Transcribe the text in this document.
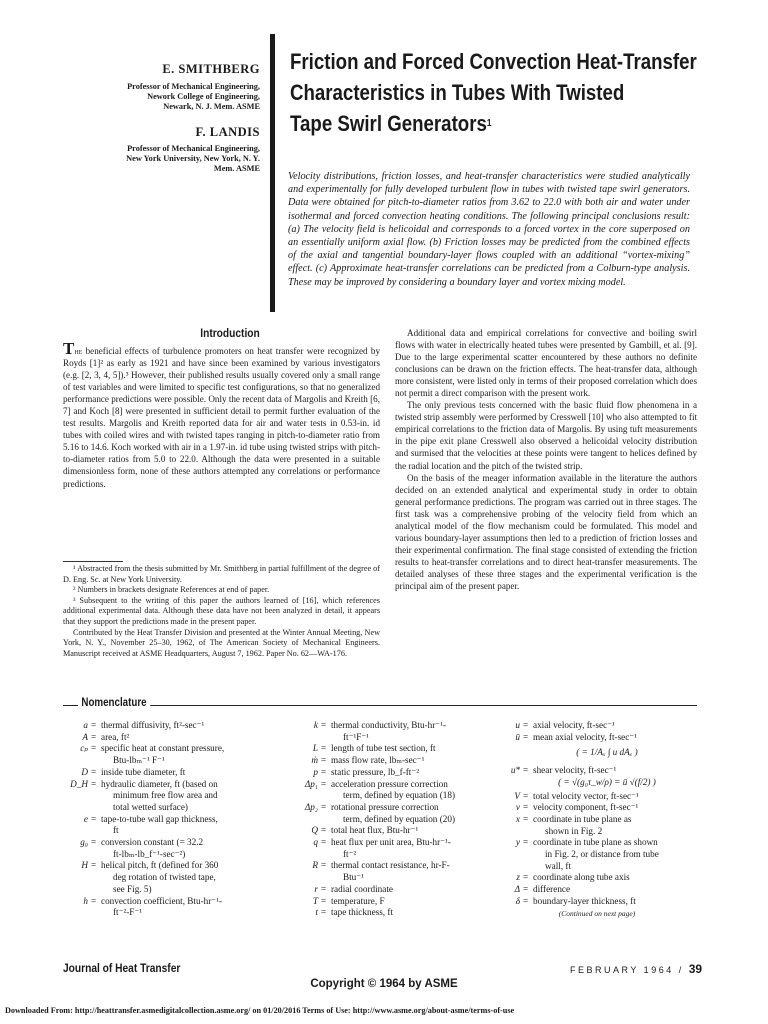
E. SMITHBERG
Professor of Mechanical Engineering,
Nework College of Engineering,
Newark, N. J. Mem. ASME
F. LANDIS
Professor of Mechanical Engineering,
New York University, New York, N. Y.
Mem. ASME
Friction and Forced Convection Heat-Transfer
Characteristics in Tubes With Twisted
Tape Swirl Generators$^1$
Velocity distributions, friction losses, and heat-transfer characteristics were studied analytically and experimentally for fully developed turbulent flow in tubes with twisted tape swirl generators. Data were obtained for pitch-to-diameter ratios from 3.62 to 22.0 with both air and water under isothermal and forced convection heating conditions. The following principal conclusions result: (a) The velocity field is helicoidal and corresponds to a forced vortex in the core superposed on an essentially uniform axial flow. (b) Friction losses may be predicted from the combined effects of the axial and tangential boundary-layer flows coupled with an additional “vortex-mixing” effect. (c) Approximate heat-transfer correlations can be predicted from a Colburn-type analysis. These may be improved by considering a boundary layer and vortex mixing model.
Introduction

The beneficial effects of turbulence promoters on heat transfer were recognized by Royds [1]² as early as 1921 and have since been examined by various investigators (e.g. [2, 3, 4, 5]).³ However, their published results usually covered only a small range of test variables and were limited to specific test configurations, so that no generalized performance predictions were possible. Only the recent data of Margolis and Kreith [6, 7] and Koch [8] were presented in sufficient detail to permit further evaluation of the test results. Margolis and Kreith reported data for air and water tests in 0.53-in. id tubes with coiled wires and with twisted tapes ranging in pitch-to-diameter ratio from 5.16 to 14.6. Koch worked with air in a 1.97-in. id tube using twisted strips with pitch-to-diameter ratios from 5.0 to 22.0. Although the data were presented in a suitable dimensionless form, none of these authors attempted any correlations or performance predictions.

¹ Abstracted from the thesis submitted by Mr. Smithberg in partial fulfillment of the degree of D. Eng. Sc. at New York University.

² Numbers in brackets designate References at end of paper.

³ Subsequent to the writing of this paper the authors learned of [16], which references additional experimental data. Although these data have not been analyzed in detail, it appears that they support the predictions made in the present paper.

Contributed by the Heat Transfer Division and presented at the Winter Annual Meeting, New York, N. Y., November 25–30, 1962, of The American Society of Mechanical Engineers. Manuscript received at ASME Headquarters, August 7, 1962. Paper No. 62—WA-176.

Additional data and empirical correlations for convective and boiling swirl flows with water in electrically heated tubes were presented by Gambill, et al. [9]. Due to the large experimental scatter encountered by these authors no definite conclusions can be drawn on the friction effects. The heat-transfer data, although more consistent, were listed only in terms of their proposed correlation which does not permit a direct comparison with the present work.

The only previous tests concerned with the basic fluid flow phenomena in a twisted strip assembly were performed by Cresswell [10] who also attempted to fit empirical correlations to the friction data of Margolis. By using tuft measurements in the pipe exit plane Cresswell also observed a helicoidal velocity distribution and surmised that the velocities at these points were tangent to helices defined by the radial location and the pitch of the twisted strip.

On the basis of the meager information available in the literature the authors decided on an extended analytical and experimental study in order to obtain general performance predictions. The program was carried out in three stages. The first task was a comprehensive probing of the velocity field from which an analytical model of the flow mechanism could be formulated. This model and various boundary-layer assumptions then led to a prediction of friction losses and their experimental confirmation. The final stage consisted of extending the friction results to heat-transfer correlations and to direct heat-transfer measurements. The detailed analyses of these three stages and the experimental verification is the principal aim of the present paper.

Nomenclature
a = thermal diffusivity, ft²-sec⁻¹
A = area, ft²
cₚ = specific heat at constant pressure,
Btu-lbₘ⁻¹ F⁻¹
D = inside tube diameter, ft
D_H = hydraulic diameter, ft (based on
minimum free flow area and
total wetted surface)
e = tape-to-tube wall gap thickness,
ft
g₀ = conversion constant (= 32.2
ft-lbₘ-lb_f⁻¹-sec⁻²)
H = helical pitch, ft (defined for 360
deg rotation of twisted tape,
see Fig. 5)
h = convection coefficient, Btu-hr⁻¹-
ft⁻²-F⁻¹
k = thermal conductivity, Btu-hr⁻¹-
ft⁻¹F⁻¹
L = length of tube test section, ft
ṁ = mass flow rate, lbₘ-sec⁻¹
p = static pressure, lb_f-ft⁻²
Δp₁ = acceleration pressure correction
term, defined by equation (18)
Δp₂ = rotational pressure correction
term, defined by equation (20)
Q = total heat flux, Btu-hr⁻¹
q = heat flux per unit area, Btu-hr⁻¹-
ft⁻²
R = thermal contact resistance, hr-F-
Btu⁻¹
r = radial coordinate
T = temperature, F
t = tape thickness, ft
u = axial velocity, ft-sec⁻¹
ū = mean axial velocity, ft-sec⁻¹
( = 1/Aₓ ∫ u dAₓ )
u* = shear velocity, ft-sec⁻¹
( = √(g₀τ_w/ρ) = ū √(f/2) )
V = total velocity vector, ft-sec⁻¹
v = velocity component, ft-sec⁻¹
x = coordinate in tube plane as
shown in Fig. 2
y = coordinate in tube plane as shown
in Fig. 2, or distance from tube
wall, ft
z = coordinate along tube axis
Δ = difference
δ = boundary-layer thickness, ft
(Continued on next page)
Journal of Heat Transfer	FEBRUARY 1964 / 39
Copyright © 1964 by ASME
Downloaded From: http://heattransfer.asmedigitalcollection.asme.org/ on 01/20/2016 Terms of Use: http://www.asme.org/about-asme/terms-of-use
